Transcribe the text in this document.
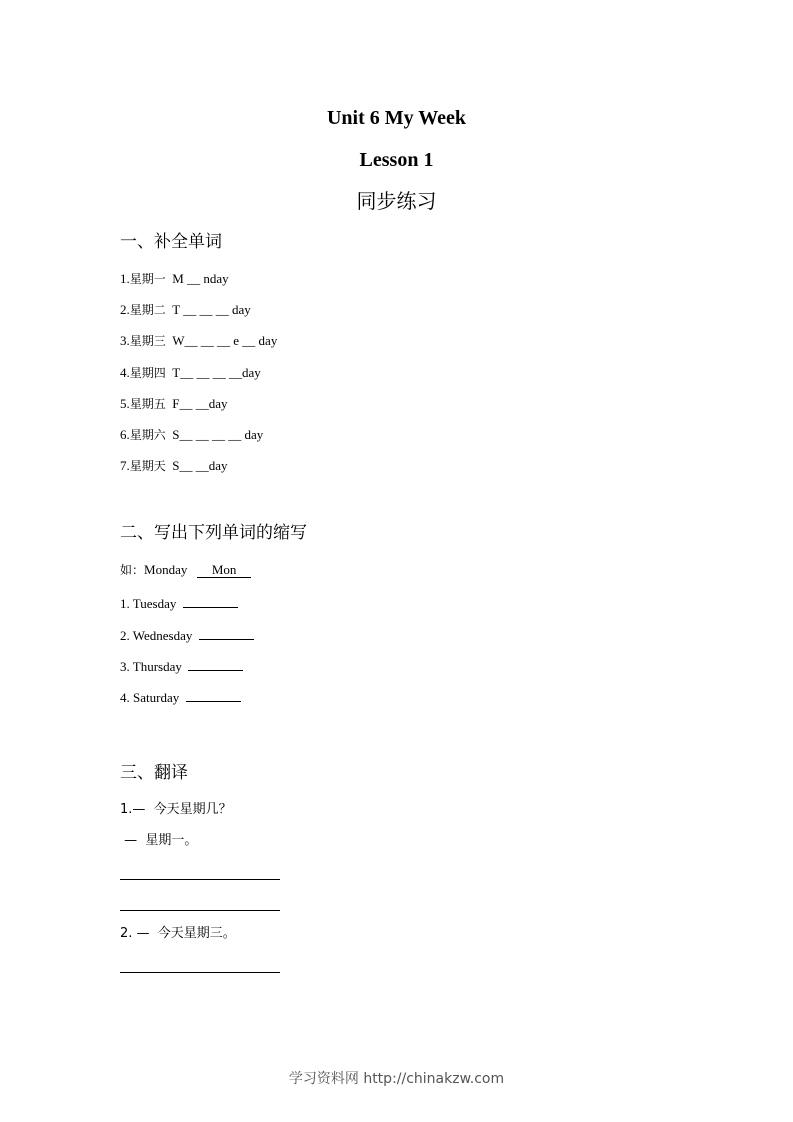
Unit 6 My Week
Lesson 1
同步练习
一、补全单词
1.星期一 M __ nday
2.星期二 T __ __ __ day
3.星期三 W__ __ __ e __ day
4.星期四 T__ __ __ __day
5.星期五 F__ __day
6.星期六 S__ __ __ __ day
7.星期天 S__ __day
二、写出下列单词的缩写
如：Monday Mon
1. Tuesday
2. Wednesday
3. Thursday
4. Saturday
三、翻译
1.—  今天星期几？
—  星期一。
2. —  今天星期三。
学习资料网 http://chinakzw.com
